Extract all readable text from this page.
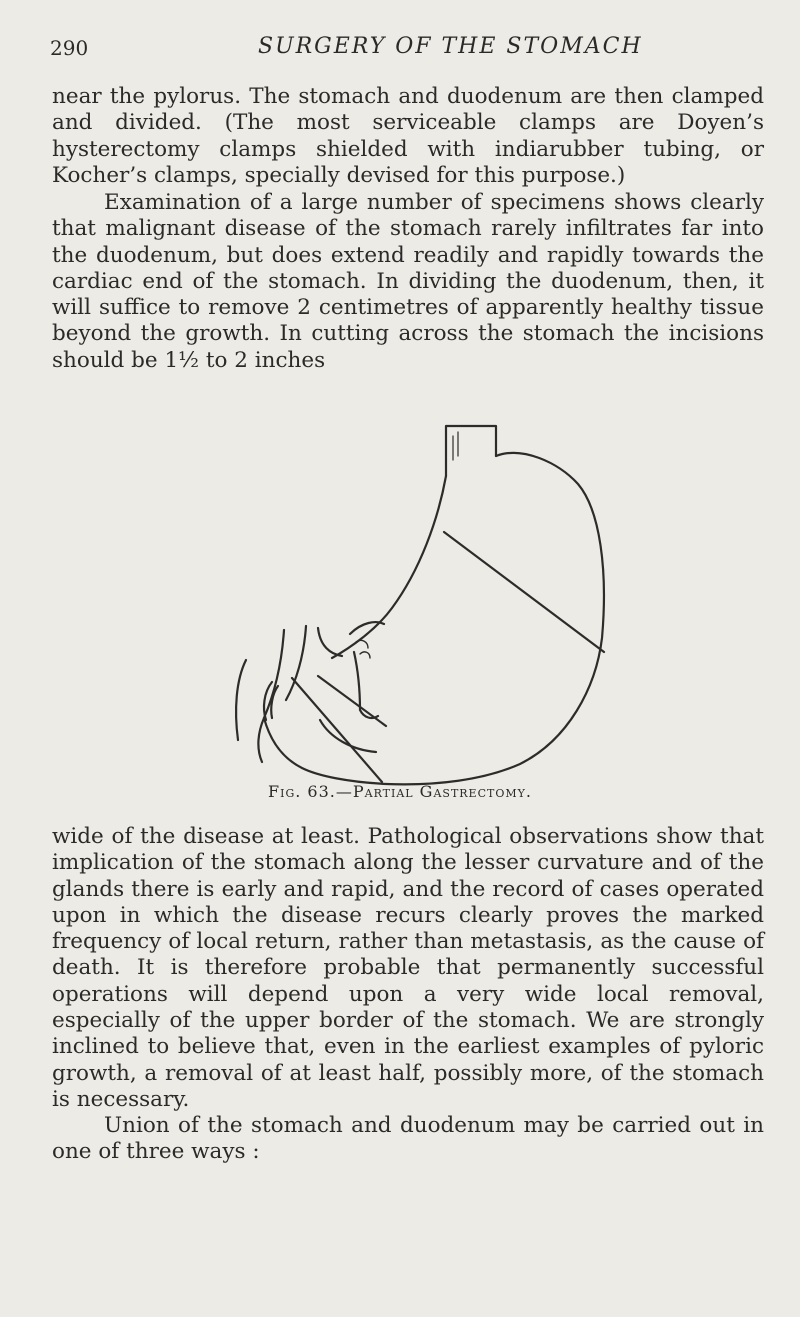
290	SURGERY OF THE STOMACH

near the pylorus. The stomach and duodenum are then clamped and divided. (The most serviceable clamps are Doyen’s hysterectomy clamps shielded with indiarubber tubing, or Kocher’s clamps, specially devised for this purpose.)

Examination of a large number of specimens shows clearly that malignant disease of the stomach rarely infiltrates far into the duodenum, but does extend readily and rapidly towards the cardiac end of the stomach. In dividing the duodenum, then, it will suffice to remove 2 centimetres of apparently healthy tissue beyond the growth. In cutting across the stomach the incisions should be 1½ to 2 inches

Fig. 63.—Partial Gastrectomy.

wide of the disease at least. Pathological observations show that implication of the stomach along the lesser curvature and of the glands there is early and rapid, and the record of cases operated upon in which the disease recurs clearly proves the marked frequency of local return, rather than metastasis, as the cause of death. It is therefore probable that permanently successful operations will depend upon a very wide local removal, especially of the upper border of the stomach. We are strongly inclined to believe that, even in the earliest examples of pyloric growth, a removal of at least half, possibly more, of the stomach is necessary.

Union of the stomach and duodenum may be carried out in one of three ways :
